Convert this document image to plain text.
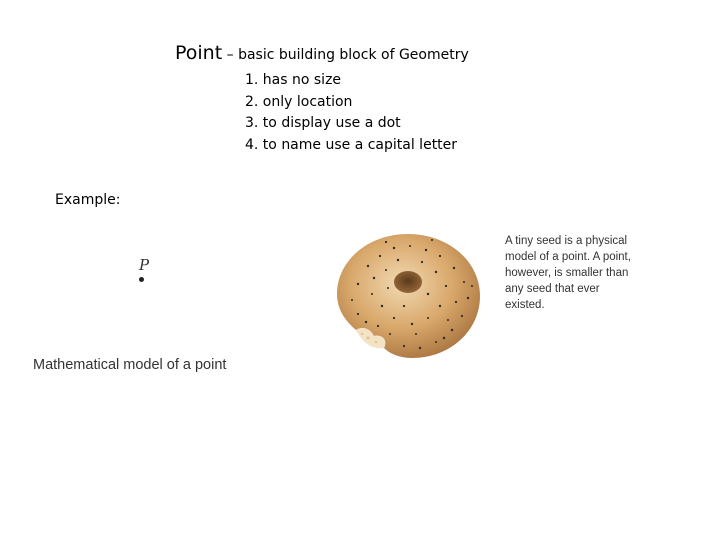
Point – basic building block of Geometry
1. has no size
2. only location
3. to display use a dot
4. to name use a capital letter
Example:
P
Mathematical model of a point
A tiny seed is a physical
model of a point. A point,
however, is smaller than
any seed that ever
existed.
